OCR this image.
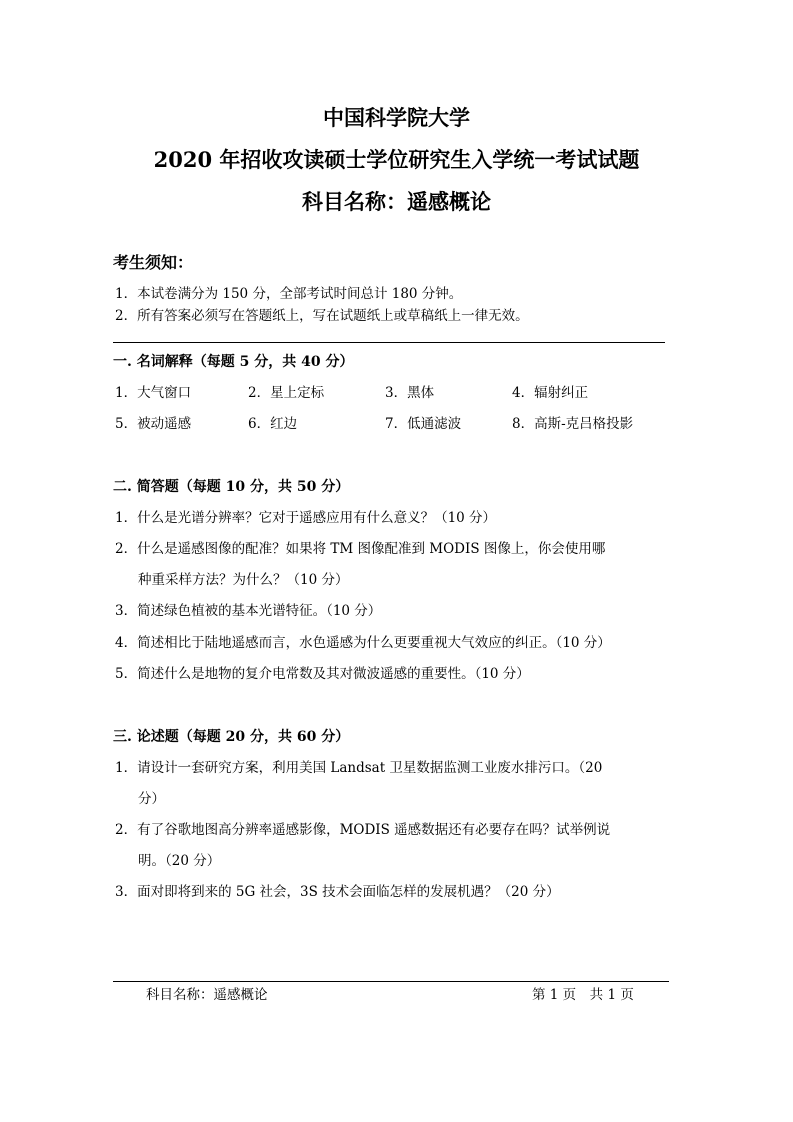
中国科学院大学
2020 年招收攻读硕士学位研究生入学统一考试试题
科目名称：遥感概论
考生须知：
1．本试卷满分为 150 分，全部考试时间总计 180 分钟。
2．所有答案必须写在答题纸上，写在试题纸上或草稿纸上一律无效。
一. 名词解释（每题 5 分，共 40 分）
1．大气窗口	2．星上定标	3．黑体	4．辐射纠正
5．被动遥感	6．红边	7．低通滤波	8．高斯-克吕格投影
二. 简答题（每题 10 分，共 50 分）
1．什么是光谱分辨率？它对于遥感应用有什么意义？（10 分）
2．什么是遥感图像的配准？如果将 TM 图像配准到 MODIS 图像上，你会使用哪
种重采样方法？为什么？（10 分）
3．简述绿色植被的基本光谱特征。（10 分）
4．简述相比于陆地遥感而言，水色遥感为什么更要重视大气效应的纠正。（10 分）
5．简述什么是地物的复介电常数及其对微波遥感的重要性。（10 分）
三. 论述题（每题 20 分，共 60 分）
1．请设计一套研究方案，利用美国 Landsat 卫星数据监测工业废水排污口。（20
分）
2．有了谷歌地图高分辨率遥感影像，MODIS 遥感数据还有必要存在吗？试举例说
明。（20 分）
3．面对即将到来的 5G 社会，3S 技术会面临怎样的发展机遇？（20 分）
科目名称：遥感概论	第 1 页　共 1 页
